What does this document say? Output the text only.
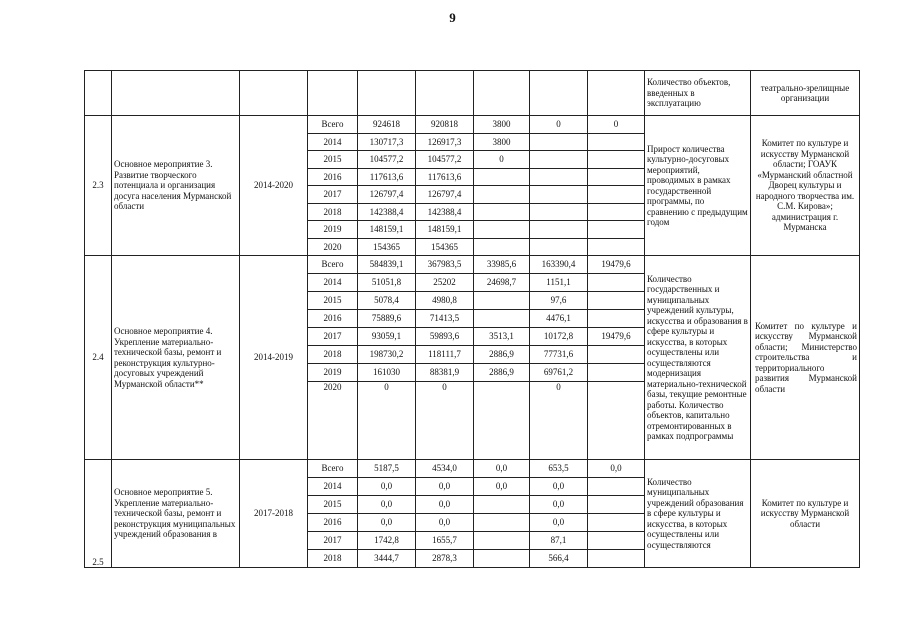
9
									Количество объектов, введенных в эксплуатацию	театрально-зрелищные организации
2.3	Основное мероприятие 3. Развитие творческого потенциала и организация досуга населения Мурманской области	2014-2020	Всего	924618	920818	3800	0	0	Прирост количества культурно-досуговых мероприятий, проводимых в рамках государственной программы, по сравнению с предыдущим годом	Комитет по культуре и искусству Мурманской области; ГОАУК «Мурманский областной Дворец культуры и народного творчества им. С.М. Кирова»; администрация г. Мурманска
			2014	130717,3	126917,3	3800				
			2015	104577,2	104577,2	0				
			2016	117613,6	117613,6					
			2017	126797,4	126797,4					
			2018	142388,4	142388,4					
			2019	148159,1	148159,1					
			2020	154365	154365					
2.4	Основное мероприятие 4. Укрепление материально-технической базы, ремонт и реконструкция культурно-досуговых учреждений Мурманской области**	2014-2019	Всего	584839,1	367983,5	33985,6	163390,4	19479,6	Количество государственных и муниципальных учреждений культуры, искусства и образования в сфере культуры и искусства, в которых осуществлены или осуществляются модернизация материально-технической базы, текущие ремонтные работы. Количество объектов, капитально отремонтированных в рамках подпрограммы	Комитет по культуре и искусству Мурманской области; Министерство строительства и территориального развития Мурманской области
			2014	51051,8	25202	24698,7	1151,1			
			2015	5078,4	4980,8		97,6			
			2016	75889,6	71413,5		4476,1			
			2017	93059,1	59893,6	3513,1	10172,8	19479,6		
			2018	198730,2	118111,7	2886,9	77731,6			
			2019	161030	88381,9	2886,9	69761,2			
			2020	0	0		0			
2.5	Основное мероприятие 5. Укрепление материально-технической базы, ремонт и реконструкция муниципальных учреждений образования в	2017-2018	Всего	5187,5	4534,0	0,0	653,5	0,0	Количество муниципальных учреждений образования в сфере культуры и искусства, в которых осуществлены или осуществляются	Комитет по культуре и искусству Мурманской области
			2014	0,0	0,0	0,0	0,0			
			2015	0,0	0,0		0,0			
			2016	0,0	0,0		0,0			
			2017	1742,8	1655,7		87,1			
			2018	3444,7	2878,3		566,4			
